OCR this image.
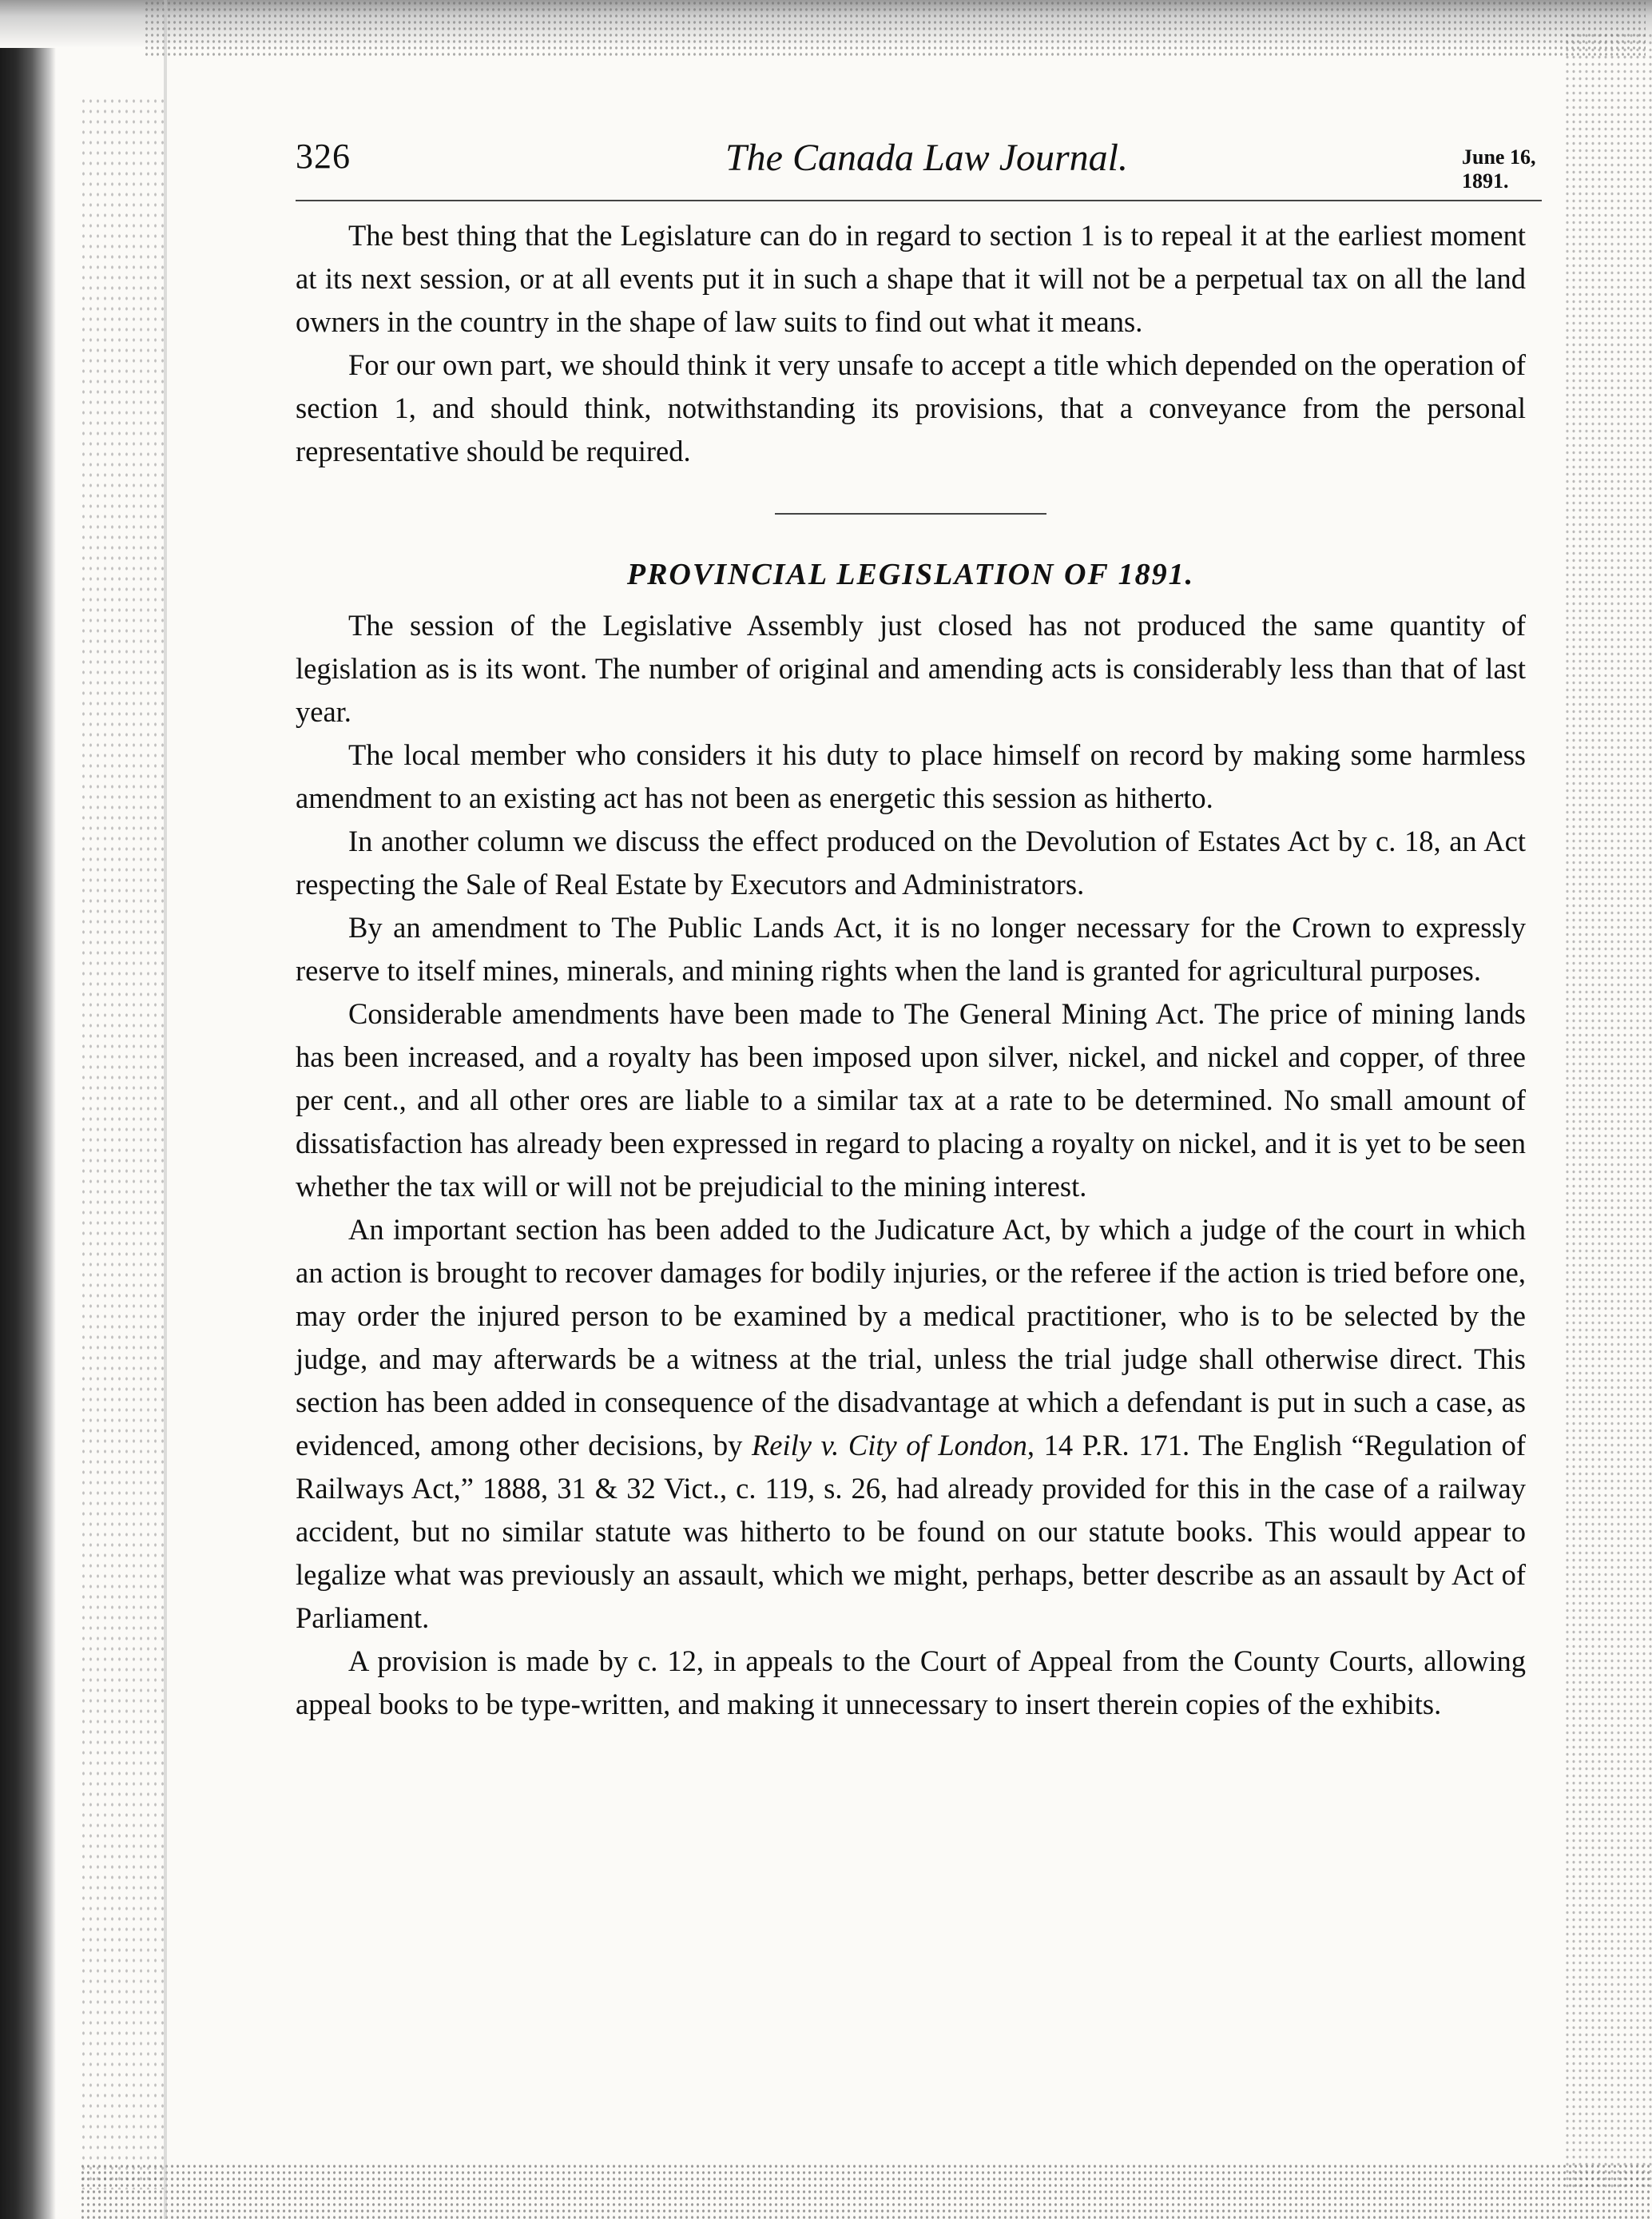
326	The Canada Law Journal.	June 16, 1891.

The best thing that the Legislature can do in regard to section 1 is to repeal it at the earliest moment at its next session, or at all events put it in such a shape that it will not be a perpetual tax on all the land owners in the country in the shape of law suits to find out what it means.

For our own part, we should think it very unsafe to accept a title which depended on the operation of section 1, and should think, notwithstanding its provisions, that a conveyance from the personal representative should be required.

PROVINCIAL LEGISLATION OF 1891.

The session of the Legislative Assembly just closed has not produced the same quantity of legislation as is its wont. The number of original and amending acts is considerably less than that of last year.

The local member who considers it his duty to place himself on record by making some harmless amendment to an existing act has not been as energetic this session as hitherto.

In another column we discuss the effect produced on the Devolution of Estates Act by c. 18, an Act respecting the Sale of Real Estate by Executors and Administrators.

By an amendment to The Public Lands Act, it is no longer necessary for the Crown to expressly reserve to itself mines, minerals, and mining rights when the land is granted for agricultural purposes.

Considerable amendments have been made to The General Mining Act. The price of mining lands has been increased, and a royalty has been imposed upon silver, nickel, and nickel and copper, of three per cent., and all other ores are liable to a similar tax at a rate to be determined. No small amount of dissatisfaction has already been expressed in regard to placing a royalty on nickel, and it is yet to be seen whether the tax will or will not be prejudicial to the mining interest.

An important section has been added to the Judicature Act, by which a judge of the court in which an action is brought to recover damages for bodily injuries, or the referee if the action is tried before one, may order the injured person to be examined by a medical practitioner, who is to be selected by the judge, and may afterwards be a witness at the trial, unless the trial judge shall otherwise direct. This section has been added in consequence of the disadvantage at which a defendant is put in such a case, as evidenced, among other decisions, by Reily v. City of London, 14 P.R. 171. The English “Regulation of Railways Act,” 1888, 31 & 32 Vict., c. 119, s. 26, had already provided for this in the case of a railway accident, but no similar statute was hitherto to be found on our statute books. This would appear to legalize what was previously an assault, which we might, perhaps, better describe as an assault by Act of Parliament.

A provision is made by c. 12, in appeals to the Court of Appeal from the County Courts, allowing appeal books to be type-written, and making it unnecessary to insert therein copies of the exhibits.
